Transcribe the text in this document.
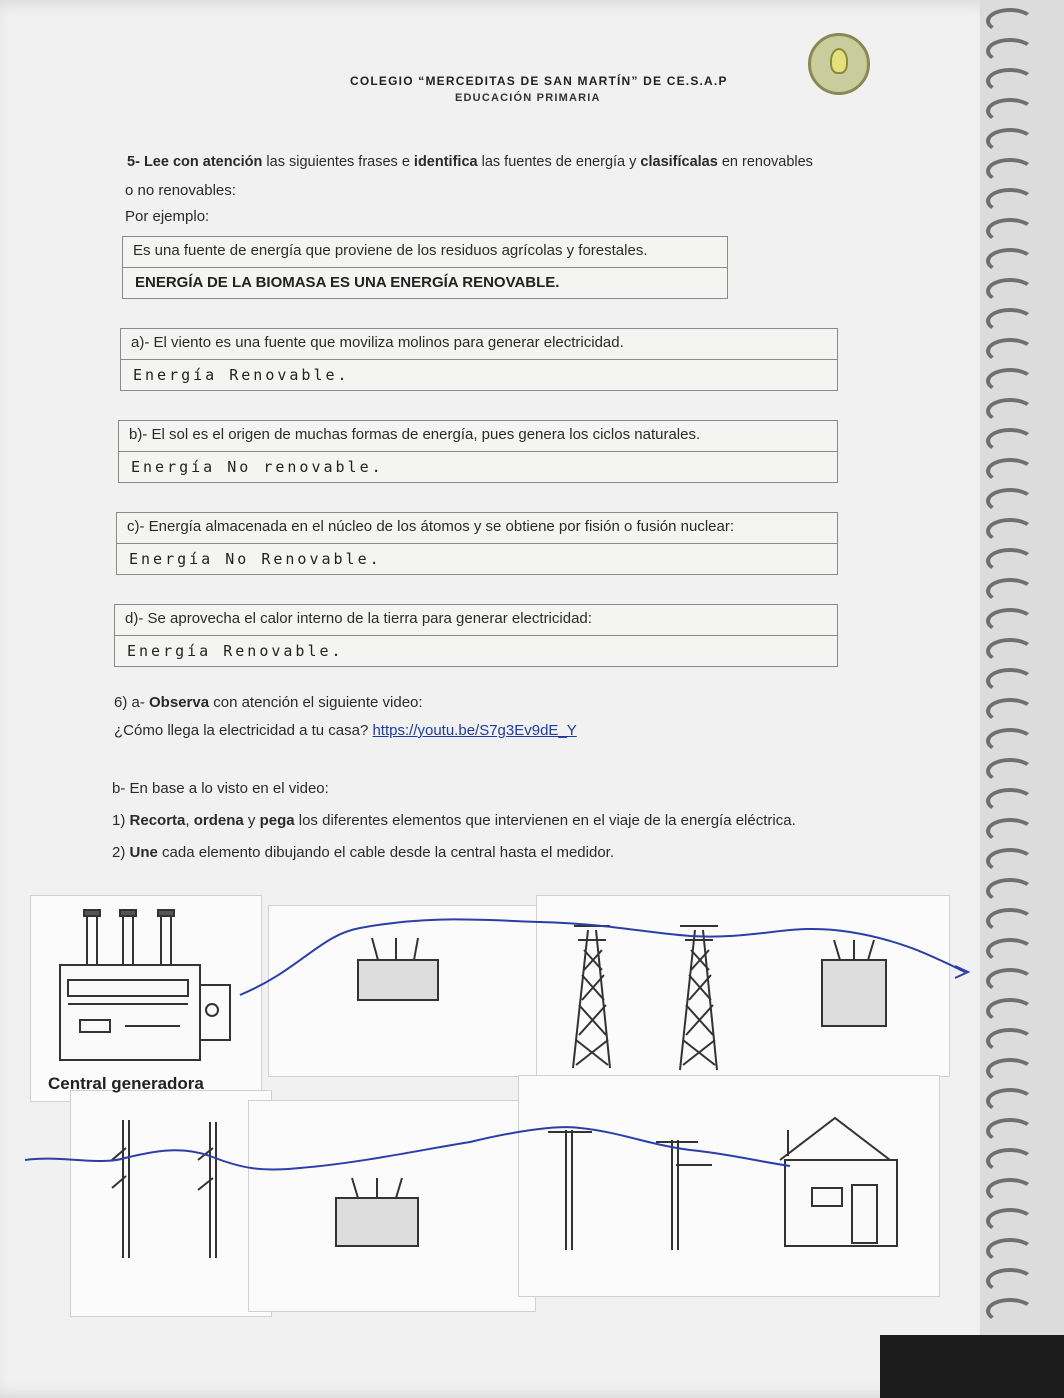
COLEGIO “MERCEDITAS DE SAN MARTÍN” DE CE.S.A.P
EDUCACIÓN PRIMARIA
5- Lee con atención las siguientes frases e identifica las fuentes de energía y clasifícalas en renovables
o no renovables:
Por ejemplo:
Es una fuente de energía que proviene de los residuos agrícolas y forestales.
ENERGÍA DE LA BIOMASA ES UNA ENERGÍA RENOVABLE.
a)- El viento es una fuente que moviliza molinos para generar electricidad.
Energía Renovable.
b)- El sol es el origen de muchas formas de energía, pues genera los ciclos naturales.
Energía No renovable.
c)- Energía almacenada en el núcleo de los átomos y se obtiene por fisión o fusión nuclear:
Energía No Renovable.
d)- Se aprovecha el calor interno de la tierra para generar electricidad:
Energía Renovable.
6) a- Observa con atención el siguiente video:
¿Cómo llega la electricidad a tu casa? https://youtu.be/S7g3Ev9dE_Y
b- En base a lo visto en el video:
1) Recorta, ordena y pega los diferentes elementos que intervienen en el viaje de la energía eléctrica.
2) Une cada elemento dibujando el cable desde la central hasta el medidor.
Central generadora
